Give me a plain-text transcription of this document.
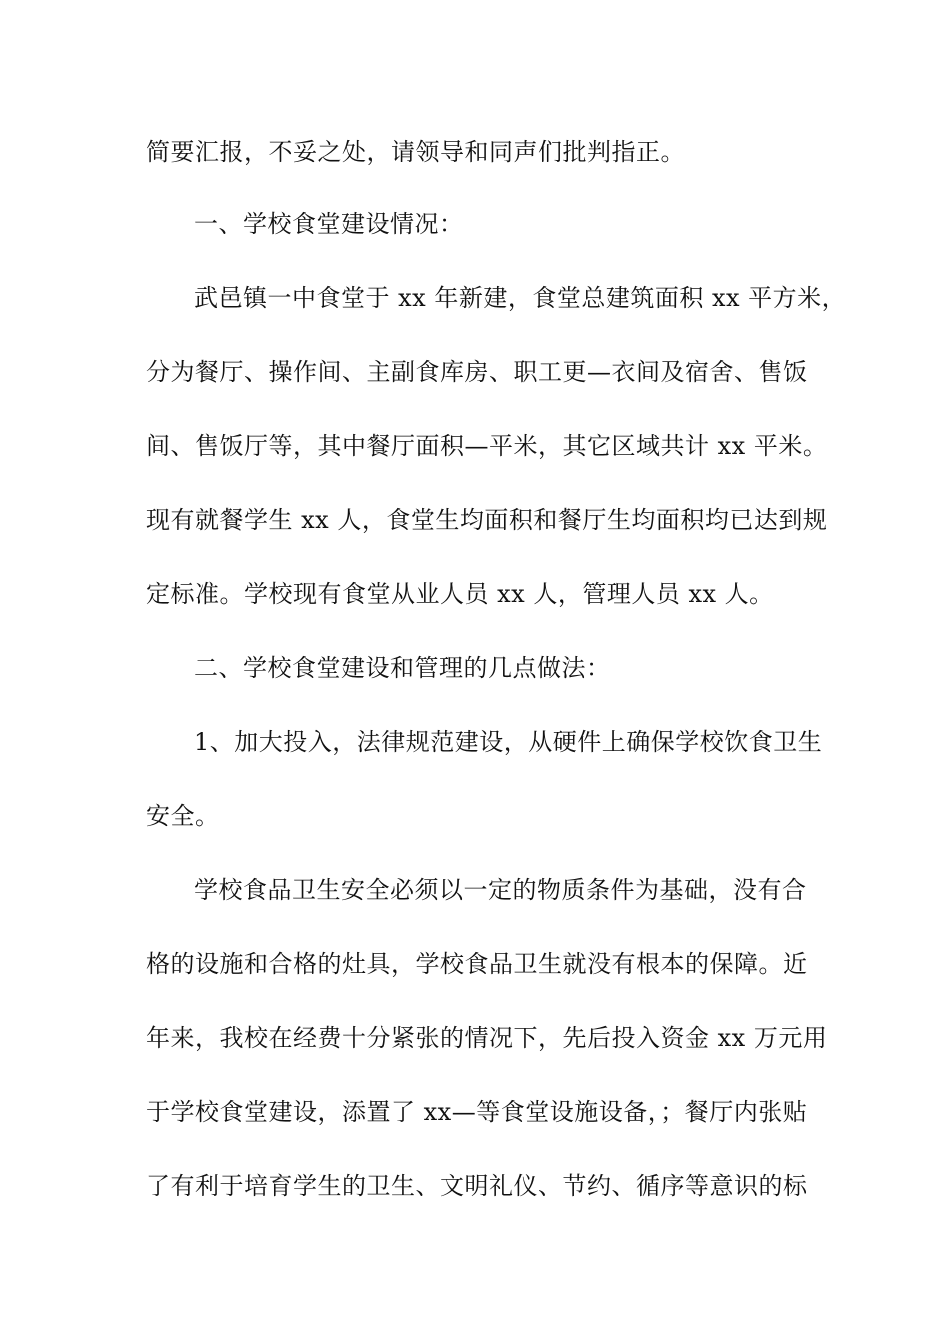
简要汇报，不妥之处，请领导和同声们批判指正。
一、学校食堂建设情况：
武邑镇一中食堂于 xx 年新建，食堂总建筑面积 xx 平方米，
分为餐厅、操作间、主副食库房、职工更—衣间及宿舍、售饭
间、售饭厅等，其中餐厅面积—平米，其它区域共计 xx 平米。
现有就餐学生 xx 人，食堂生均面积和餐厅生均面积均已达到规
定标准。学校现有食堂从业人员 xx 人，管理人员 xx 人。
二、学校食堂建设和管理的几点做法：
1、加大投入，法律规范建设，从硬件上确保学校饮食卫生
安全。
学校食品卫生安全必须以一定的物质条件为基础，没有合
格的设施和合格的灶具，学校食品卫生就没有根本的保障。近
年来，我校在经费十分紧张的情况下，先后投入资金 xx 万元用
于学校食堂建设，添置了 xx—等食堂设施设备，；餐厅内张贴
了有利于培育学生的卫生、文明礼仪、节约、循序等意识的标
